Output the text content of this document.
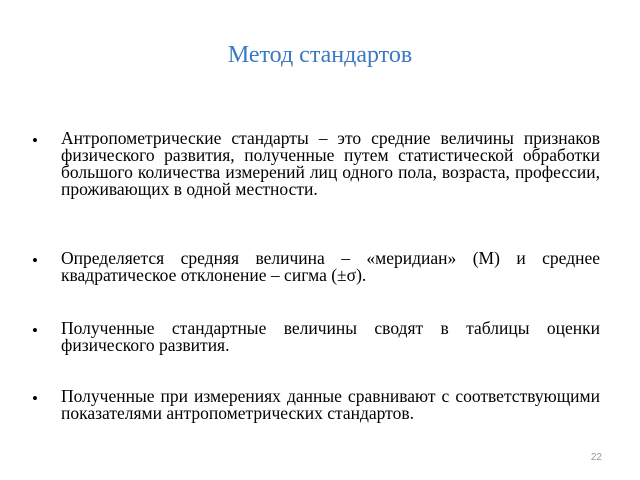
Метод стандартов
• Антропометрические стандарты – это средние величины признаков физического развития, полученные путем статистической обработки большого количества измерений лиц одного пола, возраста, профессии, проживающих в одной местности.
• Определяется средняя величина – «меридиан» (М) и среднее квадратическое отклонение – сигма (±σ).
• Полученные стандартные величины сводят в таблицы оценки физического развития.
• Полученные при измерениях данные сравнивают с соответствующими показателями антропометрических стандартов.
22
